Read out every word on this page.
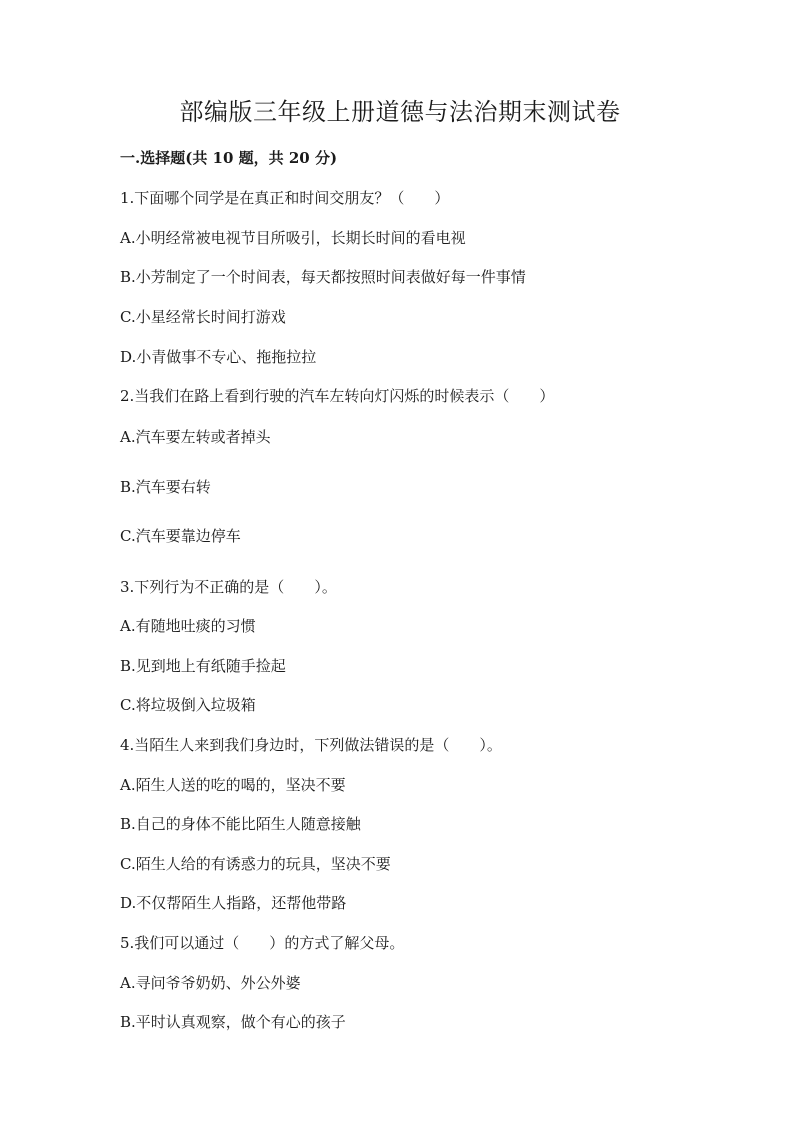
部编版三年级上册道德与法治期末测试卷
一.选择题(共 10 题，共 20 分)
1.下面哪个同学是在真正和时间交朋友？（　　）
A.小明经常被电视节目所吸引，长期长时间的看电视
B.小芳制定了一个时间表，每天都按照时间表做好每一件事情
C.小星经常长时间打游戏
D.小青做事不专心、拖拖拉拉
2.当我们在路上看到行驶的汽车左转向灯闪烁的时候表示（　　）
A.汽车要左转或者掉头
B.汽车要右转
C.汽车要靠边停车
3.下列行为不正确的是（　　）。
A.有随地吐痰的习惯
B.见到地上有纸随手捡起
C.将垃圾倒入垃圾箱
4.当陌生人来到我们身边时，下列做法错误的是（　　）。
A.陌生人送的吃的喝的，坚决不要
B.自己的身体不能比陌生人随意接触
C.陌生人给的有诱惑力的玩具，坚决不要
D.不仅帮陌生人指路，还帮他带路
5.我们可以通过（　　）的方式了解父母。
A.寻问爷爷奶奶、外公外婆
B.平时认真观察，做个有心的孩子
